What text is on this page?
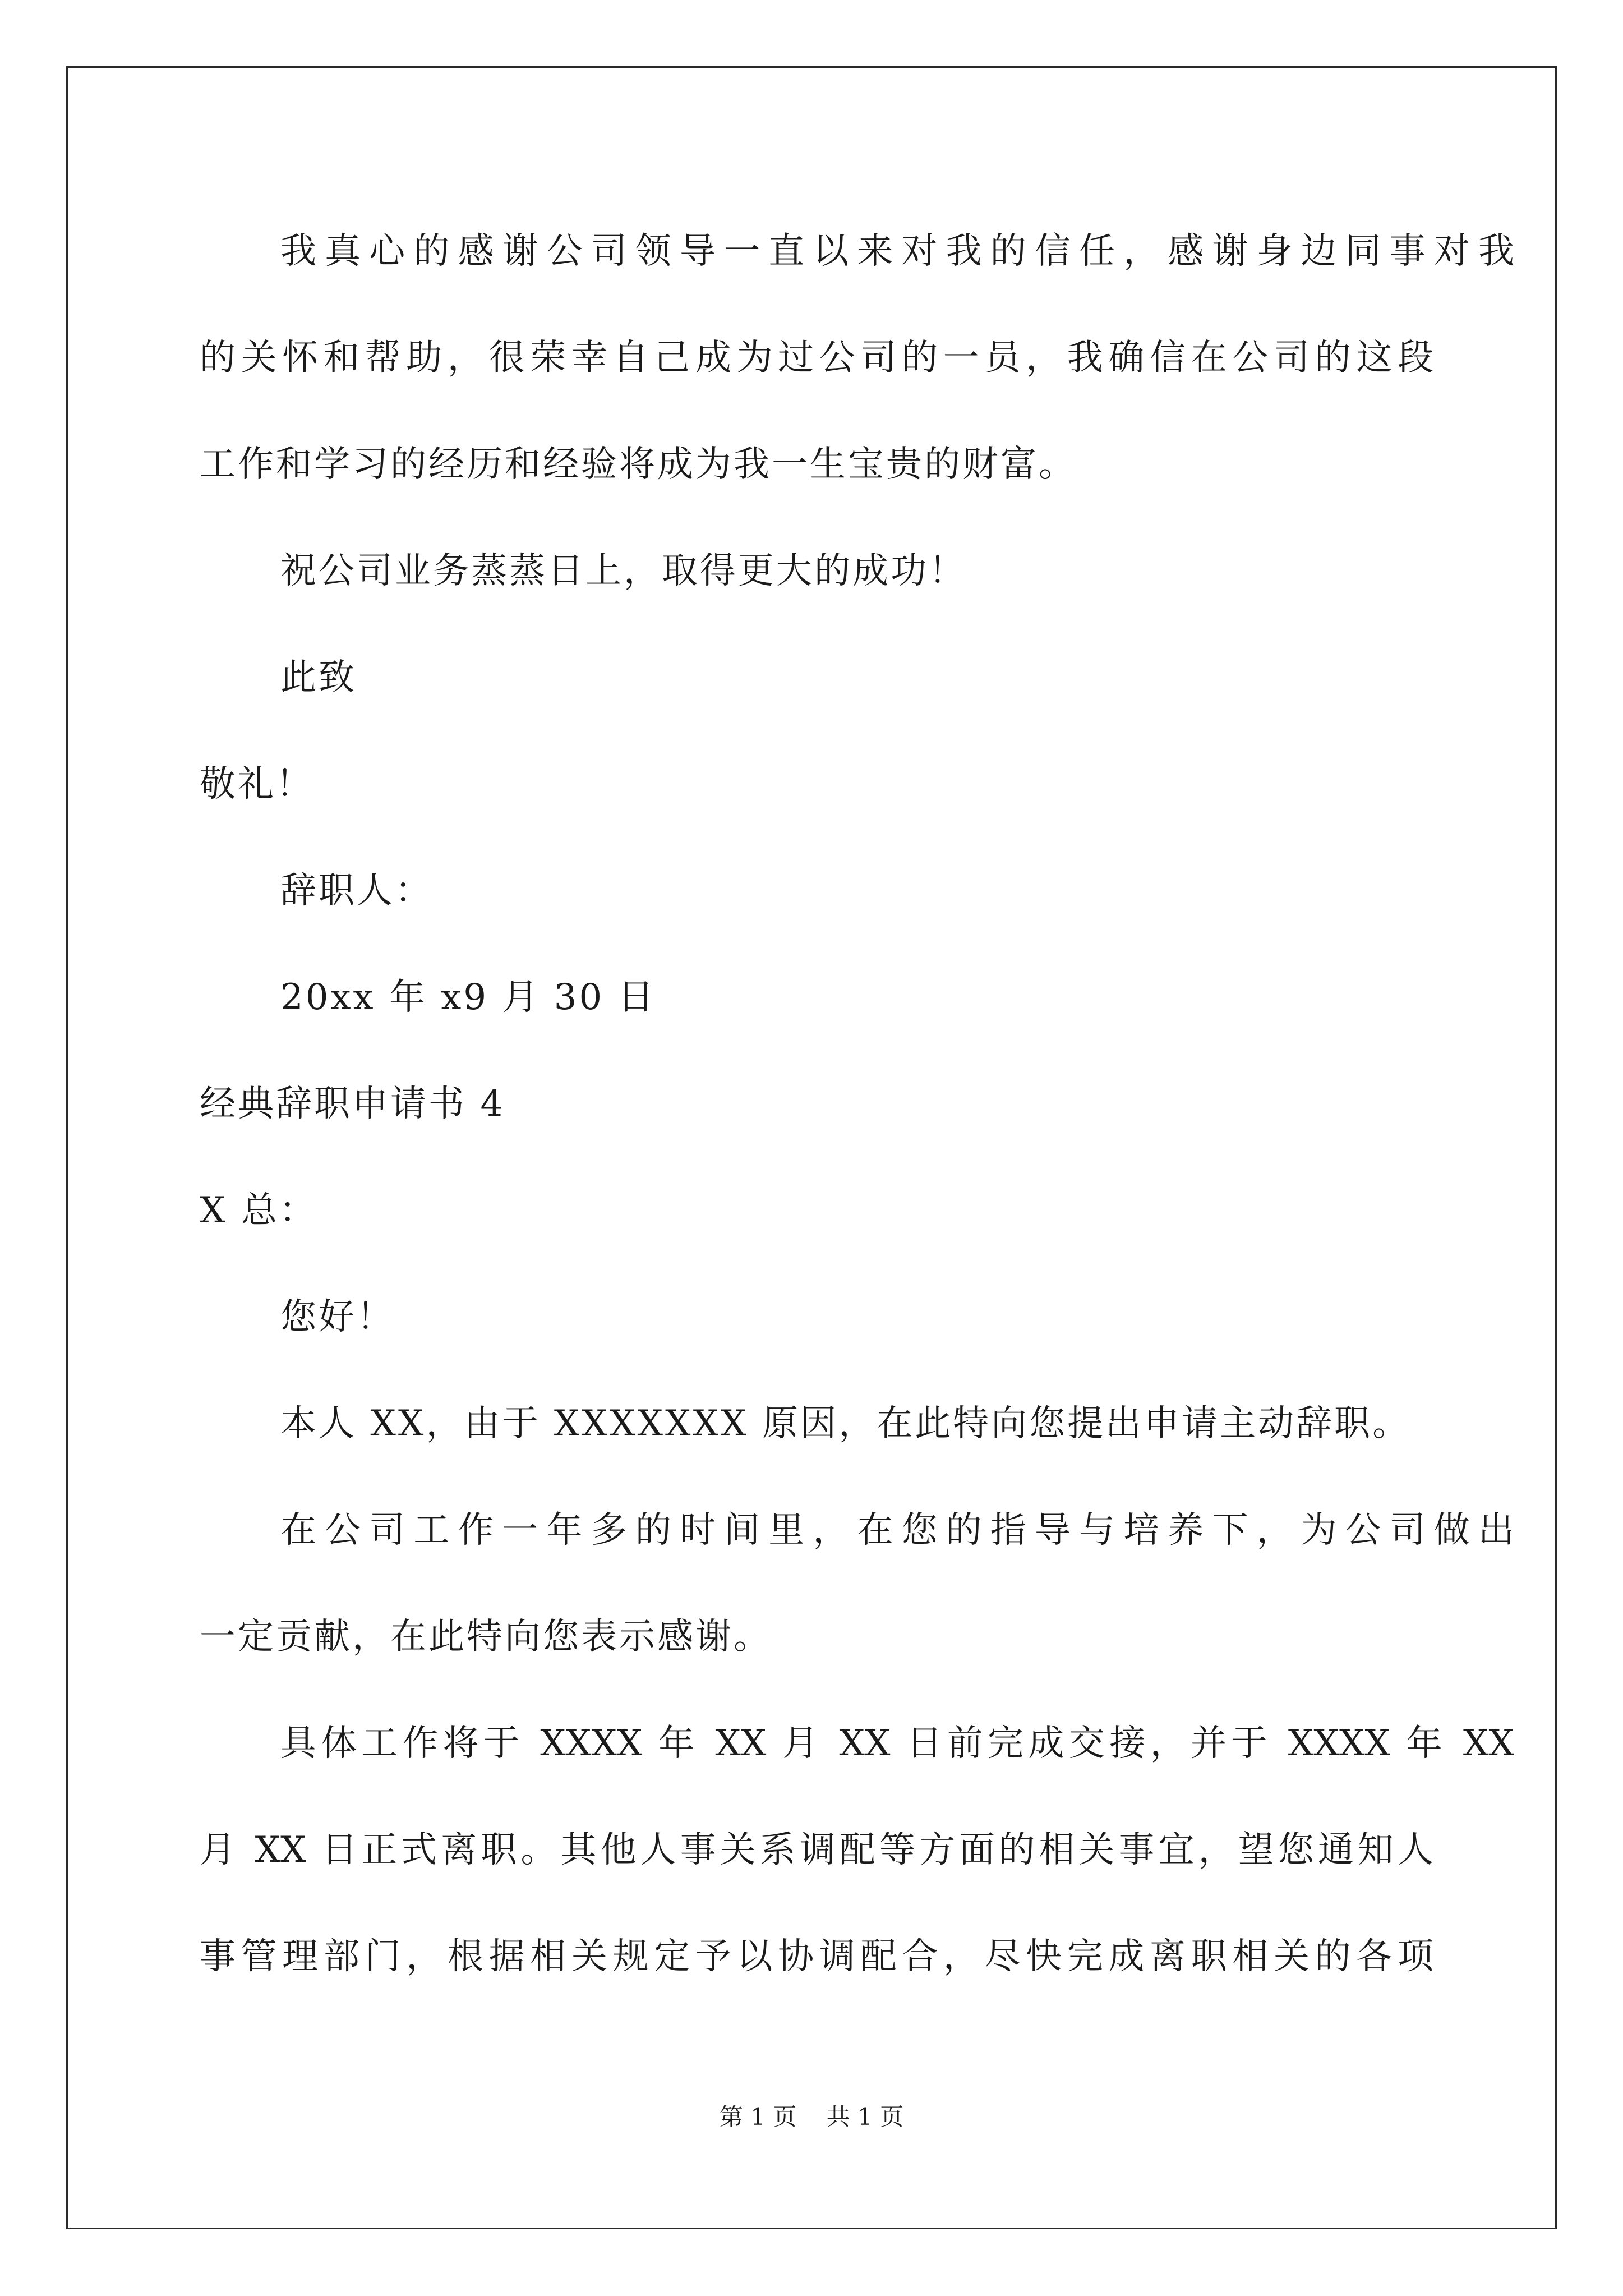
我真心的感谢公司领导一直以来对我的信任，感谢身边同事对我
的关怀和帮助，很荣幸自己成为过公司的一员，我确信在公司的这段
工作和学习的经历和经验将成为我一生宝贵的财富。
祝公司业务蒸蒸日上，取得更大的成功！
此致
敬礼！
辞职人：
20xx 年 x9 月 30 日
经典辞职申请书 4
X 总：
您好！
本人 XX，由于 XXXXXXX 原因，在此特向您提出申请主动辞职。
在公司工作一年多的时间里，在您的指导与培养下，为公司做出
一定贡献，在此特向您表示感谢。
具体工作将于 XXXX 年 XX 月 XX 日前完成交接，并于 XXXX 年 XX
月 XX 日正式离职。其他人事关系调配等方面的相关事宜，望您通知人
事管理部门，根据相关规定予以协调配合，尽快完成离职相关的各项
第 1 页    共 1 页
